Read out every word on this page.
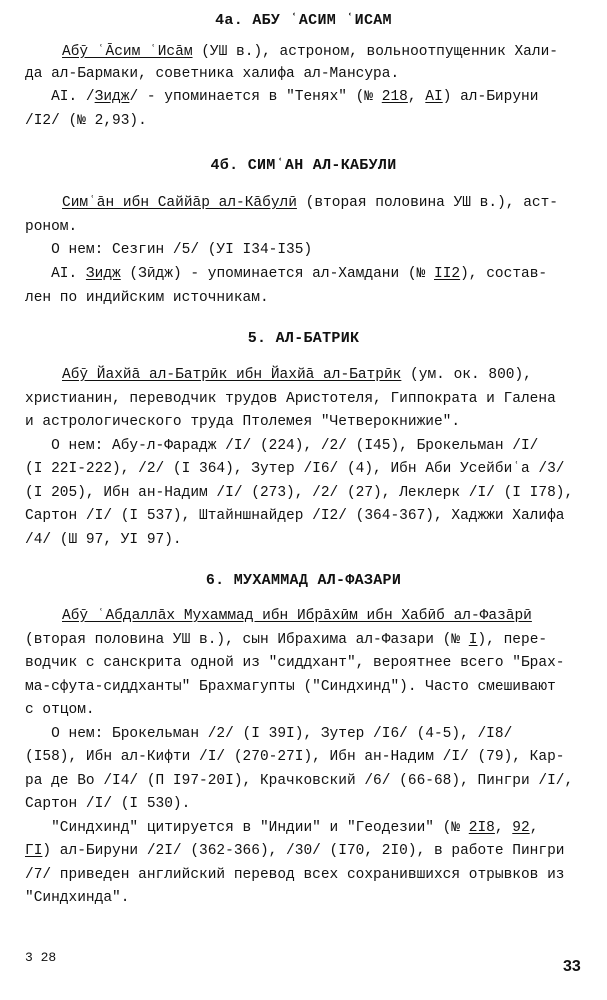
4а. АБУ ʿАСИМ ʿИСАМ
Абӯ ʿĀсим ʿИсāм (УШ в.), астроном, вольноотпущенник Хали-
да ал-Бармаки, советника халифа ал-Мансура.
AI. /Зидж/ - упоминается в "Тенях" (№ 218, AI) ал-Бируни
/I2/ (№ 2,93).
4б. СИМʿАН АЛ-КАБУЛИ
Симʿāн ибн Саййāр ал-Кāбулӣ (вторая половина УШ в.), аст-
роном.
О нем: Сезгин /5/ (УI I34-I35)
AI. Зидж (Зӣдж) - упоминается ал-Хамдани (№ II2), состав-
лен по индийским источникам.
5. АЛ-БАТРИК
Абӯ Йахйā ал-Батрӣк ибн Йахйā ал-Батрӣк (ум. ок. 800),
христианин, переводчик трудов Аристотеля, Гиппократа и Галена
и астрологического труда Птолемея "Четверокнижие".
О нем: Абу-л-Фарадж /I/ (224), /2/ (I45), Брокельман /I/
(I 22I-222), /2/ (I 364), Зутер /I6/ (4), Ибн Аби Усейбиʿа /3/
(I 205), Ибн ан-Надим /I/ (273), /2/ (27), Леклерк /I/ (I I78),
Сартон /I/ (I 537), Штайншнайдер /I2/ (364-367), Хаджжи Халифа
/4/ (Ш 97, УI 97).
6. МУХАММАД АЛ-ФАЗАРИ
Абӯ ʿАбдаллāх Мухаммад ибн Ибрāхӣм ибн Хабӣб ал-Фазāрӣ
(вторая половина УШ в.), сын Ибрахима ал-Фазари (№ I), пере-
водчик с санскрита одной из "сиддхант", вероятнее всего "Брах-
ма-сфута-сиддханты" Брахмагупты ("Синдхинд"). Часто смешивают
с отцом.
О нем: Брокельман /2/ (I 39I), Зутер /I6/ (4-5), /I8/
(I58), Ибн ал-Кифти /I/ (270-27I), Ибн ан-Надим /I/ (79), Кар-
ра де Во /I4/ (П I97-20I), Крачковский /6/ (66-68), Пингри /I/,
Сартон /I/ (I 530).
"Синдхинд" цитируется в "Индии" и "Геодезии" (№ 2I8, 92,
ГI) ал-Бируни /2I/ (362-366), /30/ (I70, 2I0), в работе Пингри
/7/ приведен английский перевод всех сохранившихся отрывков из
"Синдхинда".
3 28
33
